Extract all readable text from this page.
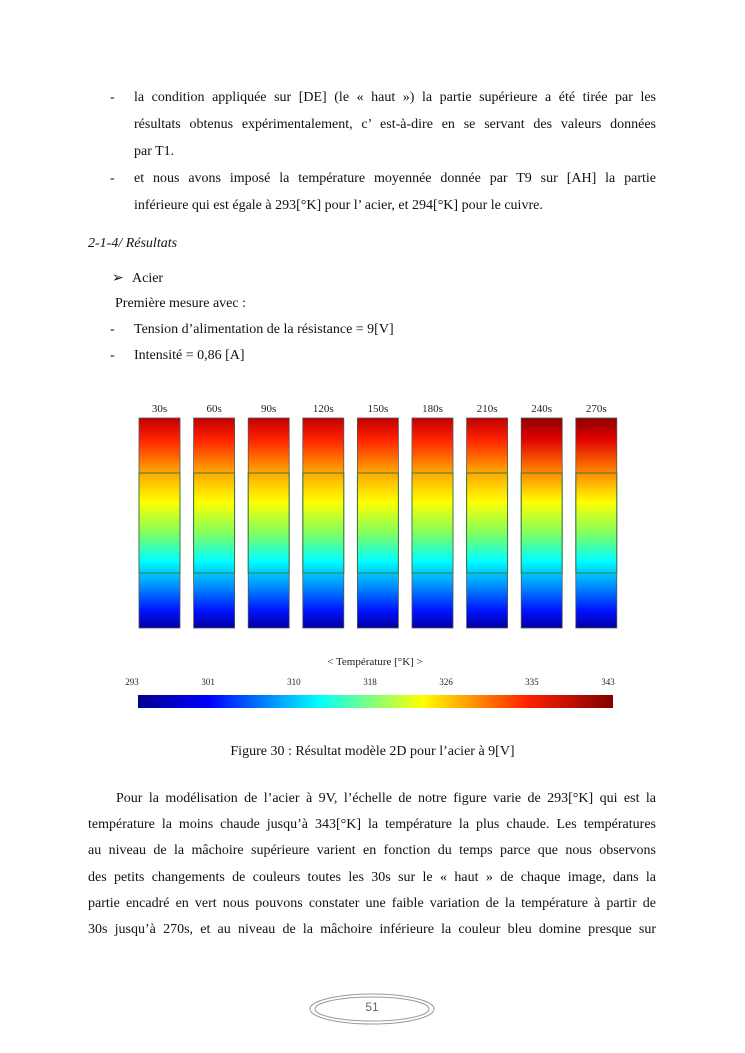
- la condition appliquée sur [DE] (le « haut ») la partie supérieure a été tirée par les
résultats obtenus expérimentalement, c’ est-à-dire en se servant des valeurs données
par T1.
- et nous avons imposé la température moyennée donnée par T9 sur [AH] la partie
inférieure qui est égale à 293[°K] pour l’ acier, et 294[°K] pour le cuivre.
2-1-4/ Résultats
➢ Acier
Première mesure avec :
- Tension d’alimentation de la résistance = 9[V]
- Intensité = 0,86 [A]
30s	60s	90s	120s	150s	180s	210s	240s	270s
< Température [°K] >
293	301	310	318	326	335	343
Figure 30 : Résultat modèle 2D pour l’acier à 9[V]
Pour la modélisation de l’acier à 9V, l’échelle de notre figure varie de 293[°K] qui est la
température la moins chaude jusqu’à 343[°K] la température la plus chaude. Les températures
au niveau de la mâchoire supérieure varient en fonction du temps parce que nous observons
des petits changements de couleurs toutes les 30s sur le « haut » de chaque image, dans la
partie encadré en vert nous pouvons constater une faible variation de la température à partir de
30s jusqu’à 270s, et au niveau de la mâchoire inférieure la couleur bleu domine presque sur
51
